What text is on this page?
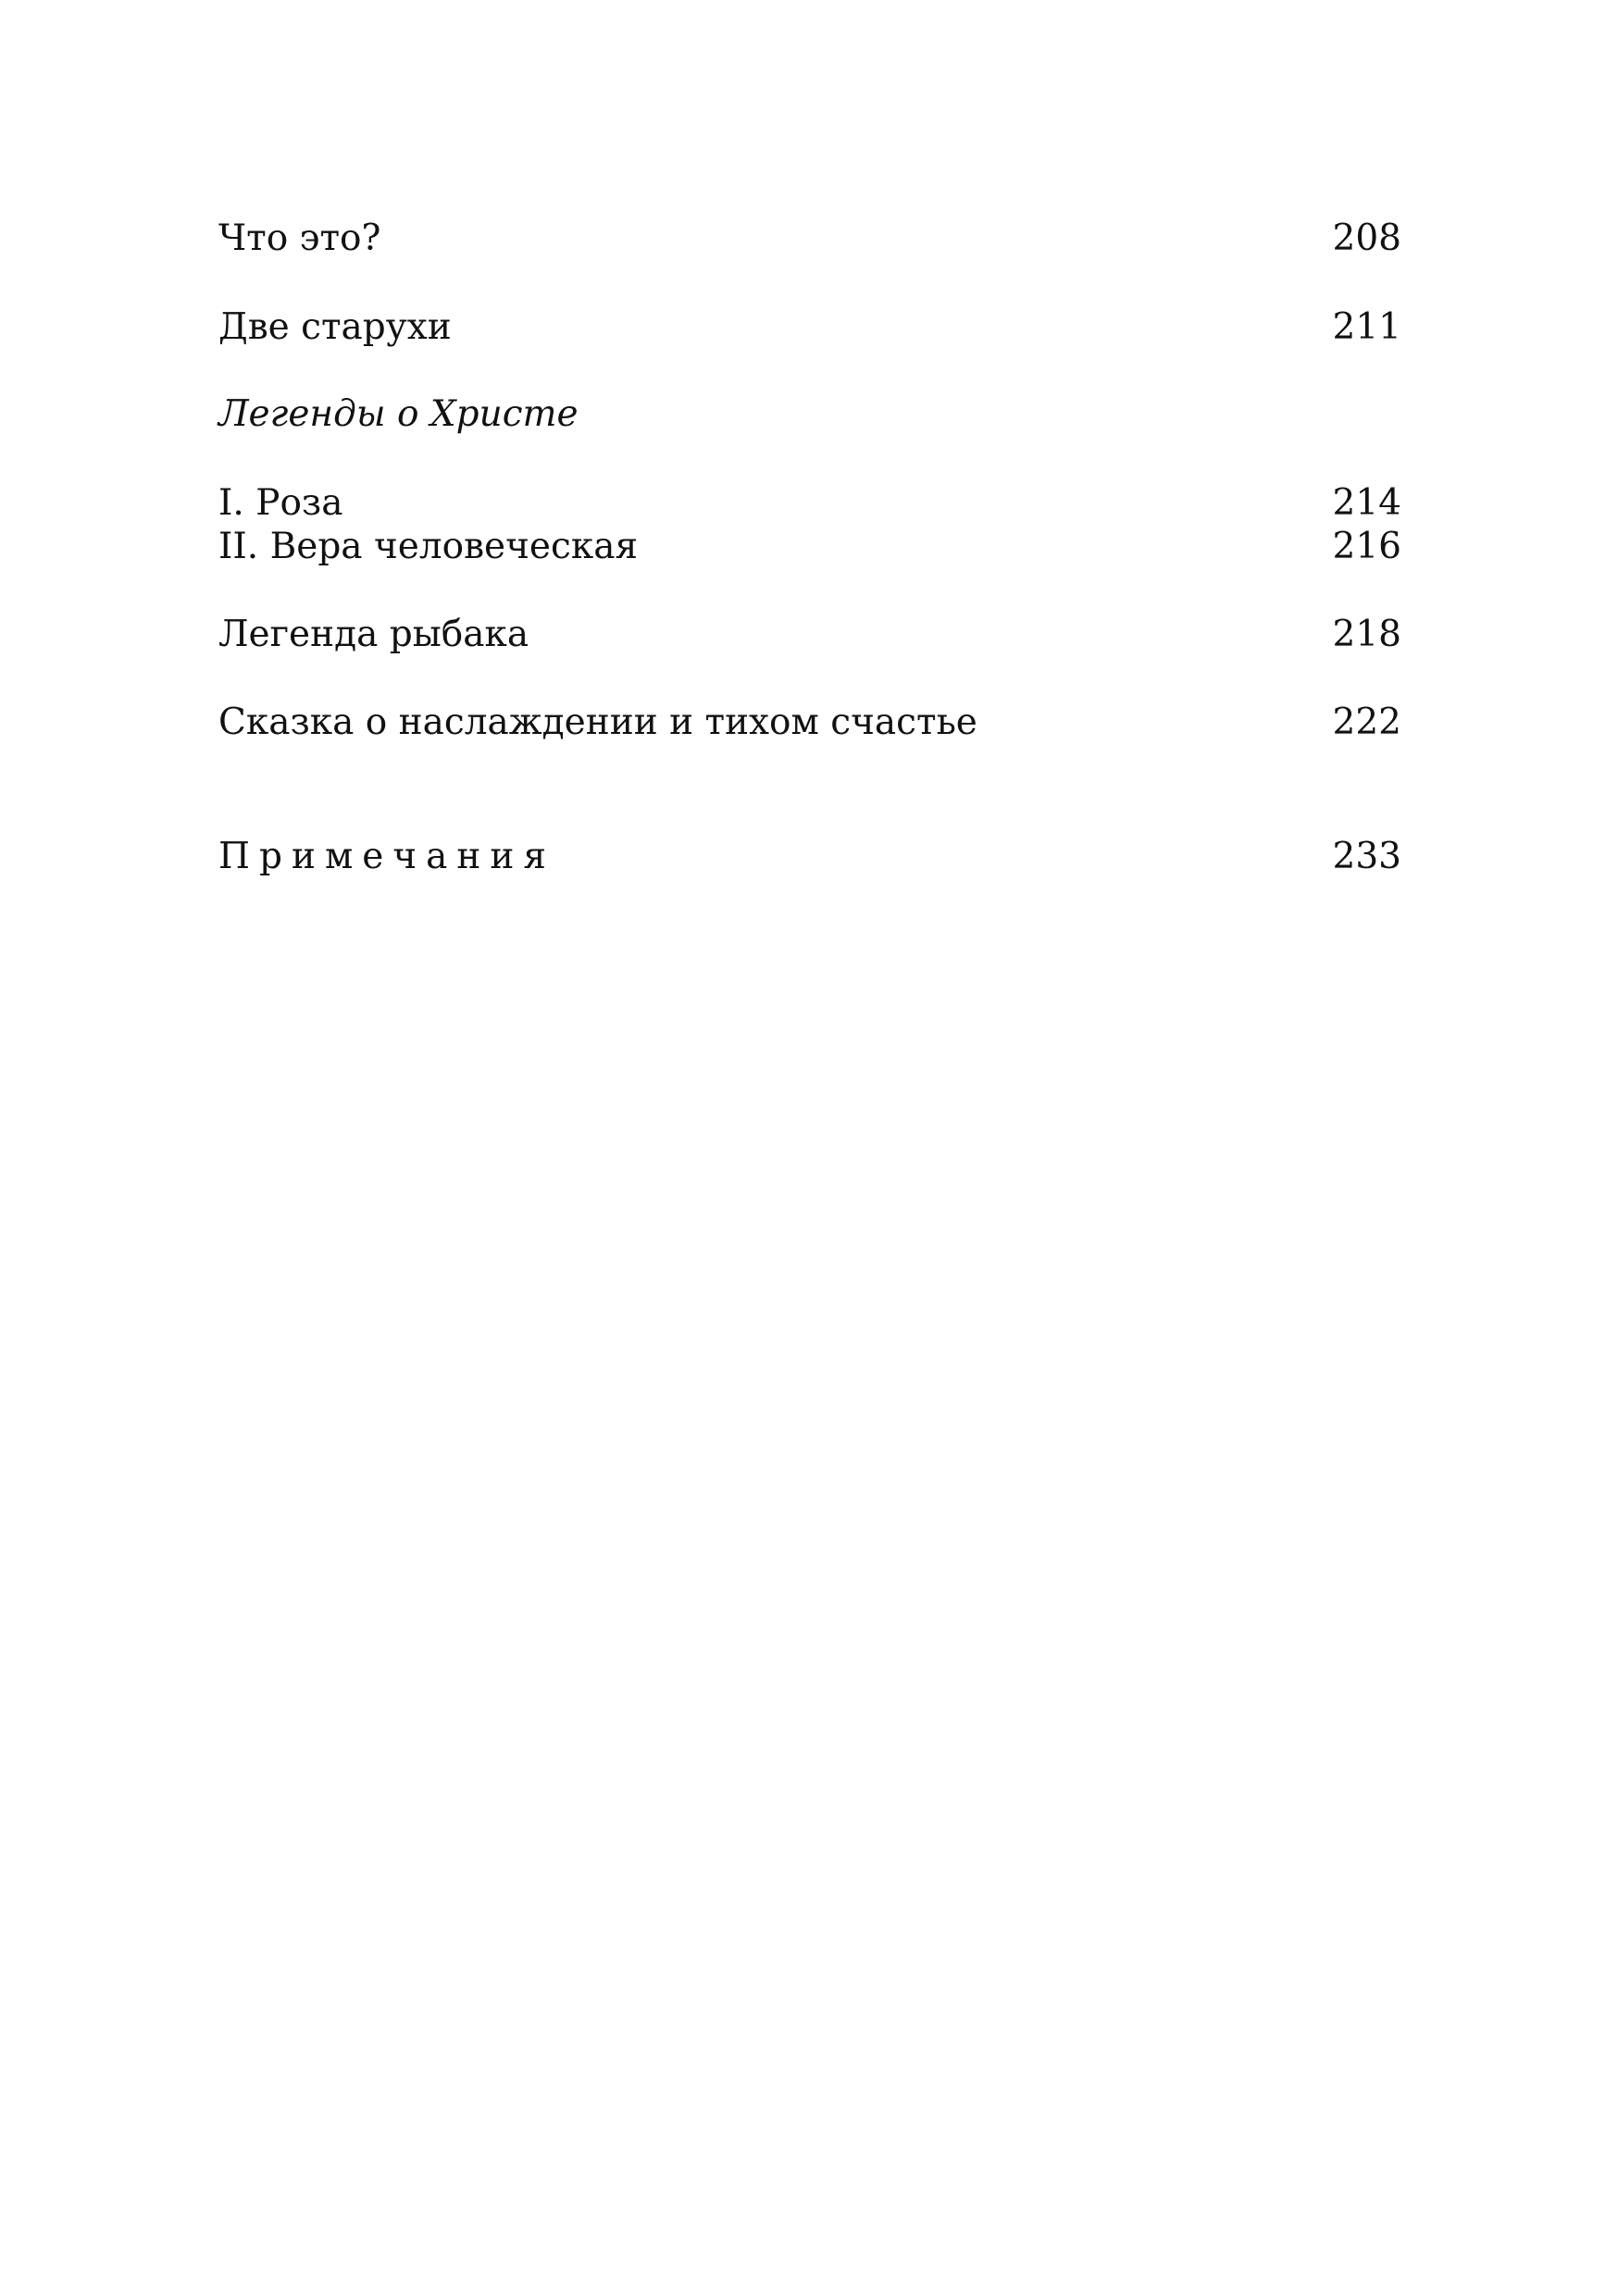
Что это?	208
Две старухи	211
Легенды о Христе
I. Роза	214
II. Вера человеческая	216
Легенда рыбака	218
Сказка о наслаждении и тихом счастье	222
Примечания	233
